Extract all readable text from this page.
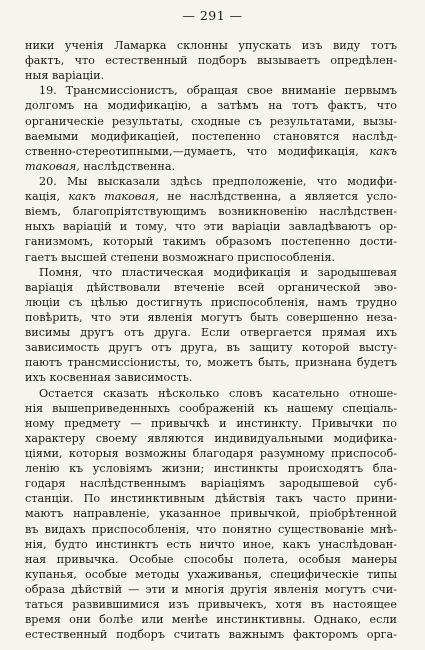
— 291 —
ники ученія Ламарка склонны упускать изъ виду тотъ
фактъ, что естественный подборъ вызываетъ опредѣлен-
ныя варіаціи.
19. Трансмиссіонистъ, обращая свое вниманіе первымъ
долгомъ на модификацію, а затѣмъ на тотъ фактъ, что
органическіе результаты, сходные съ результатами, вызы-
ваемыми модификаціей, постепенно становятся наслѣд-
ственно-стереотипными,—думаетъ, что модификація, какъ
таковая, наслѣдственна.
20. Мы высказали здѣсь предположеніе, что модифи-
кація, какъ таковая, не наслѣдственна, а является усло-
віемъ, благопріятствующимъ возникновенію наслѣдствен-
ныхъ варіацій и тому, что эти варіаціи завладѣваютъ ор-
ганизмомъ, который такимъ образомъ постепенно дости-
гаетъ высшей степени возможнаго приспособленія.
Помня, что пластическая модификація и зародышевая
варіація дѣйствовали втеченіе всей органической эво-
люціи съ цѣлью достигнуть приспособленія, намъ трудно
повѣрить, что эти явленія могутъ быть совершенно неза-
висимы другъ отъ друга. Если отвергается прямая ихъ
зависимость другъ отъ друга, въ защиту которой высту-
паютъ трансмиссіонисты, то, можетъ быть, признана будетъ
ихъ косвенная зависимость.
Остается сказать нѣсколько словъ касательно отноше-
нія вышеприведенныхъ соображеній къ нашему спеціаль-
ному предмету — привычкѣ и инстинкту. Привычки по
характеру своему являются индивидуальными модифика-
ціями, которыя возможны благодаря разумному приспособ-
ленію къ условіямъ жизни; инстинкты происходятъ бла-
годаря наслѣдственнымъ варіаціямъ зародышевой суб-
станціи. По инстинктивным дѣйствія такъ часто прини-
маютъ направленіе, указанное привычкой, пріобрѣтенной
въ видахъ приспособленія, что понятно существованіе мнѣ-
нія, будто инстинктъ есть ничто иное, какъ унаслѣдован-
ная привычка. Особые способы полета, особыя манеры
купанья, особые методы ухаживанья, специфическіе типы
образа дѣйствій — эти и многія другія явленія могутъ счи-
таться развившимися изъ привычекъ, хотя въ настоящее
время они болѣе или менѣе инстинктивны. Однако, если
естественный подборъ считать важнымъ факторомъ орга-
